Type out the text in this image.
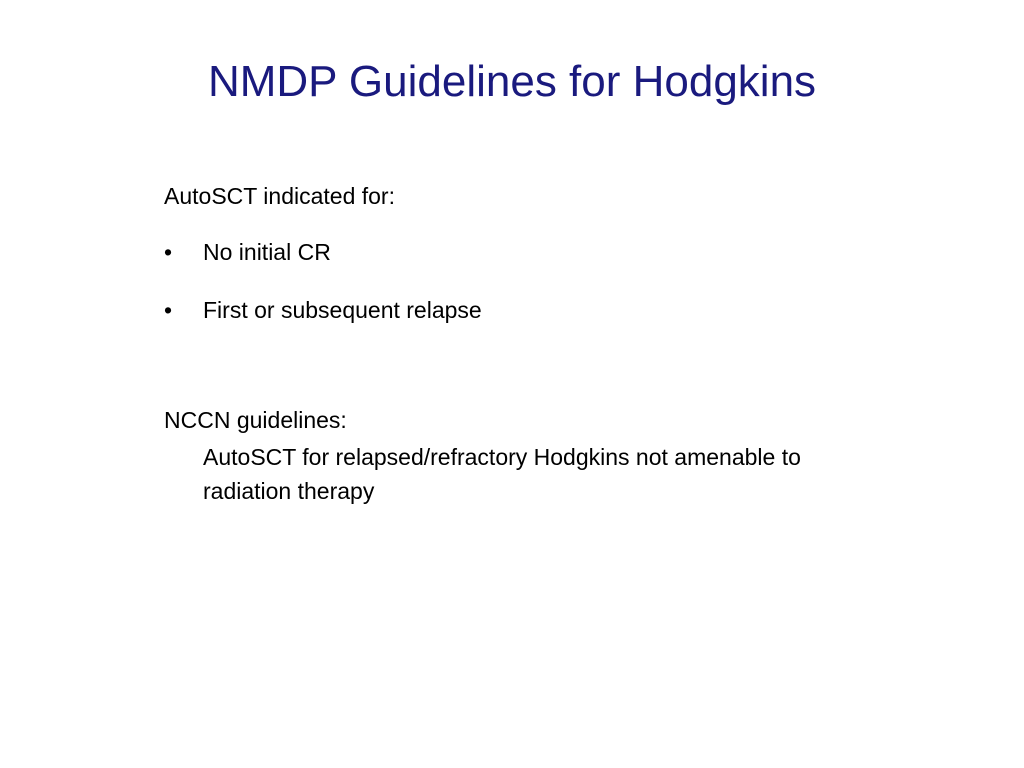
NMDP Guidelines for Hodgkins

AutoSCT indicated for:

• No initial CR
• First or subsequent relapse

NCCN guidelines:

AutoSCT for relapsed/refractory Hodgkins not amenable to radiation therapy
